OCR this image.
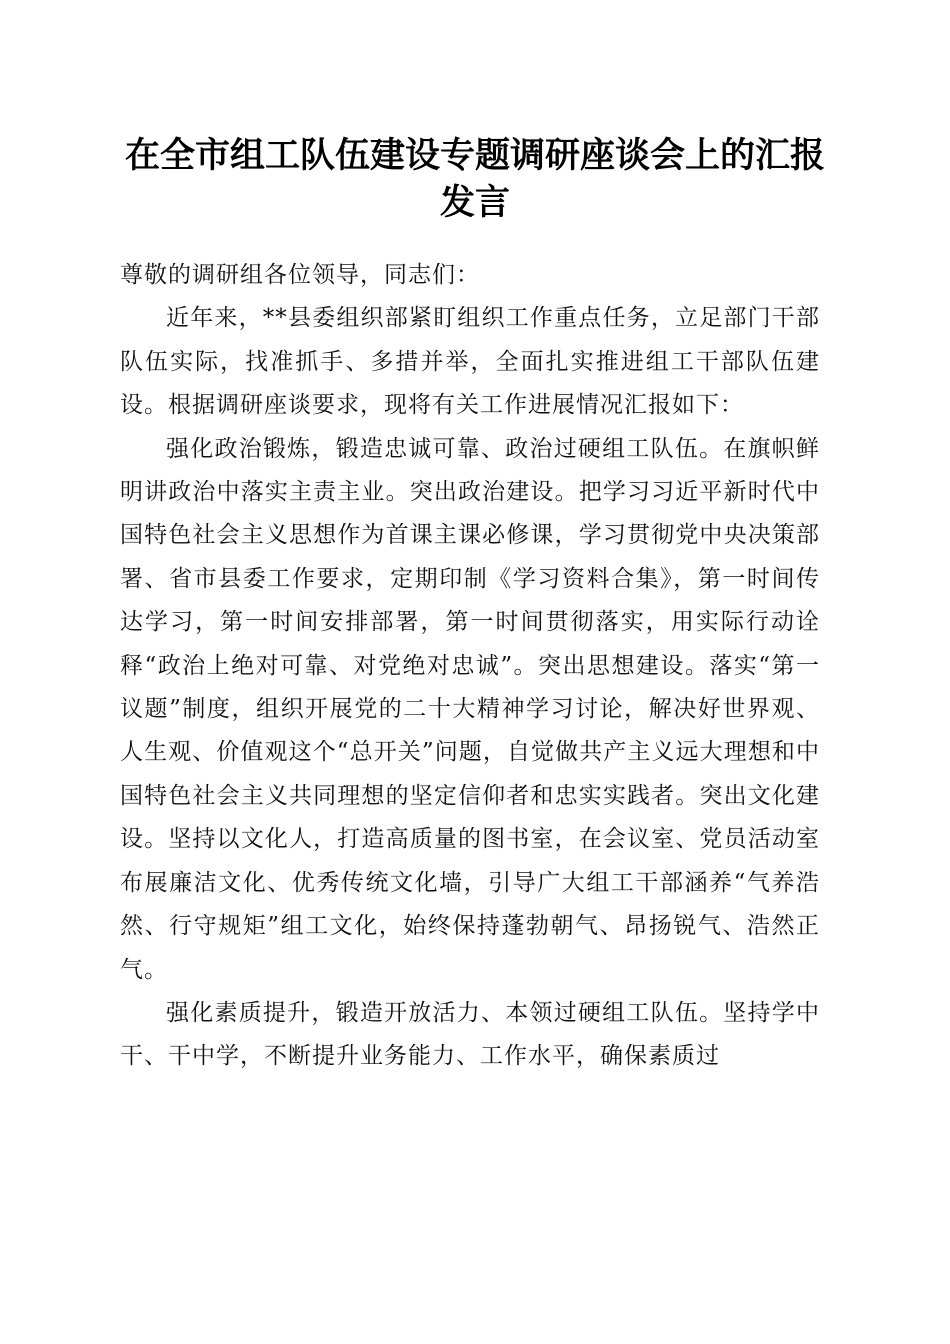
在全市组工队伍建设专题调研座谈会上的汇报
发言

尊敬的调研组各位领导，同志们：

近年来，**县委组织部紧盯组织工作重点任务，立足部门干部队伍实际，找准抓手、多措并举，全面扎实推进组工干部队伍建设。根据调研座谈要求，现将有关工作进展情况汇报如下：

强化政治锻炼，锻造忠诚可靠、政治过硬组工队伍。在旗帜鲜明讲政治中落实主责主业。突出政治建设。把学习习近平新时代中国特色社会主义思想作为首课主课必修课，学习贯彻党中央决策部署、省市县委工作要求，定期印制《学习资料合集》，第一时间传达学习，第一时间安排部署，第一时间贯彻落实，用实际行动诠释“政治上绝对可靠、对党绝对忠诚”。突出思想建设。落实“第一议题”制度，组织开展党的二十大精神学习讨论，解决好世界观、人生观、价值观这个“总开关”问题，自觉做共产主义远大理想和中国特色社会主义共同理想的坚定信仰者和忠实实践者。突出文化建设。坚持以文化人，打造高质量的图书室，在会议室、党员活动室布展廉洁文化、优秀传统文化墙，引导广大组工干部涵养“气养浩然、行守规矩”组工文化，始终保持蓬勃朝气、昂扬锐气、浩然正气。

强化素质提升，锻造开放活力、本领过硬组工队伍。坚持学中干、干中学，不断提升业务能力、工作水平，确保素质过
